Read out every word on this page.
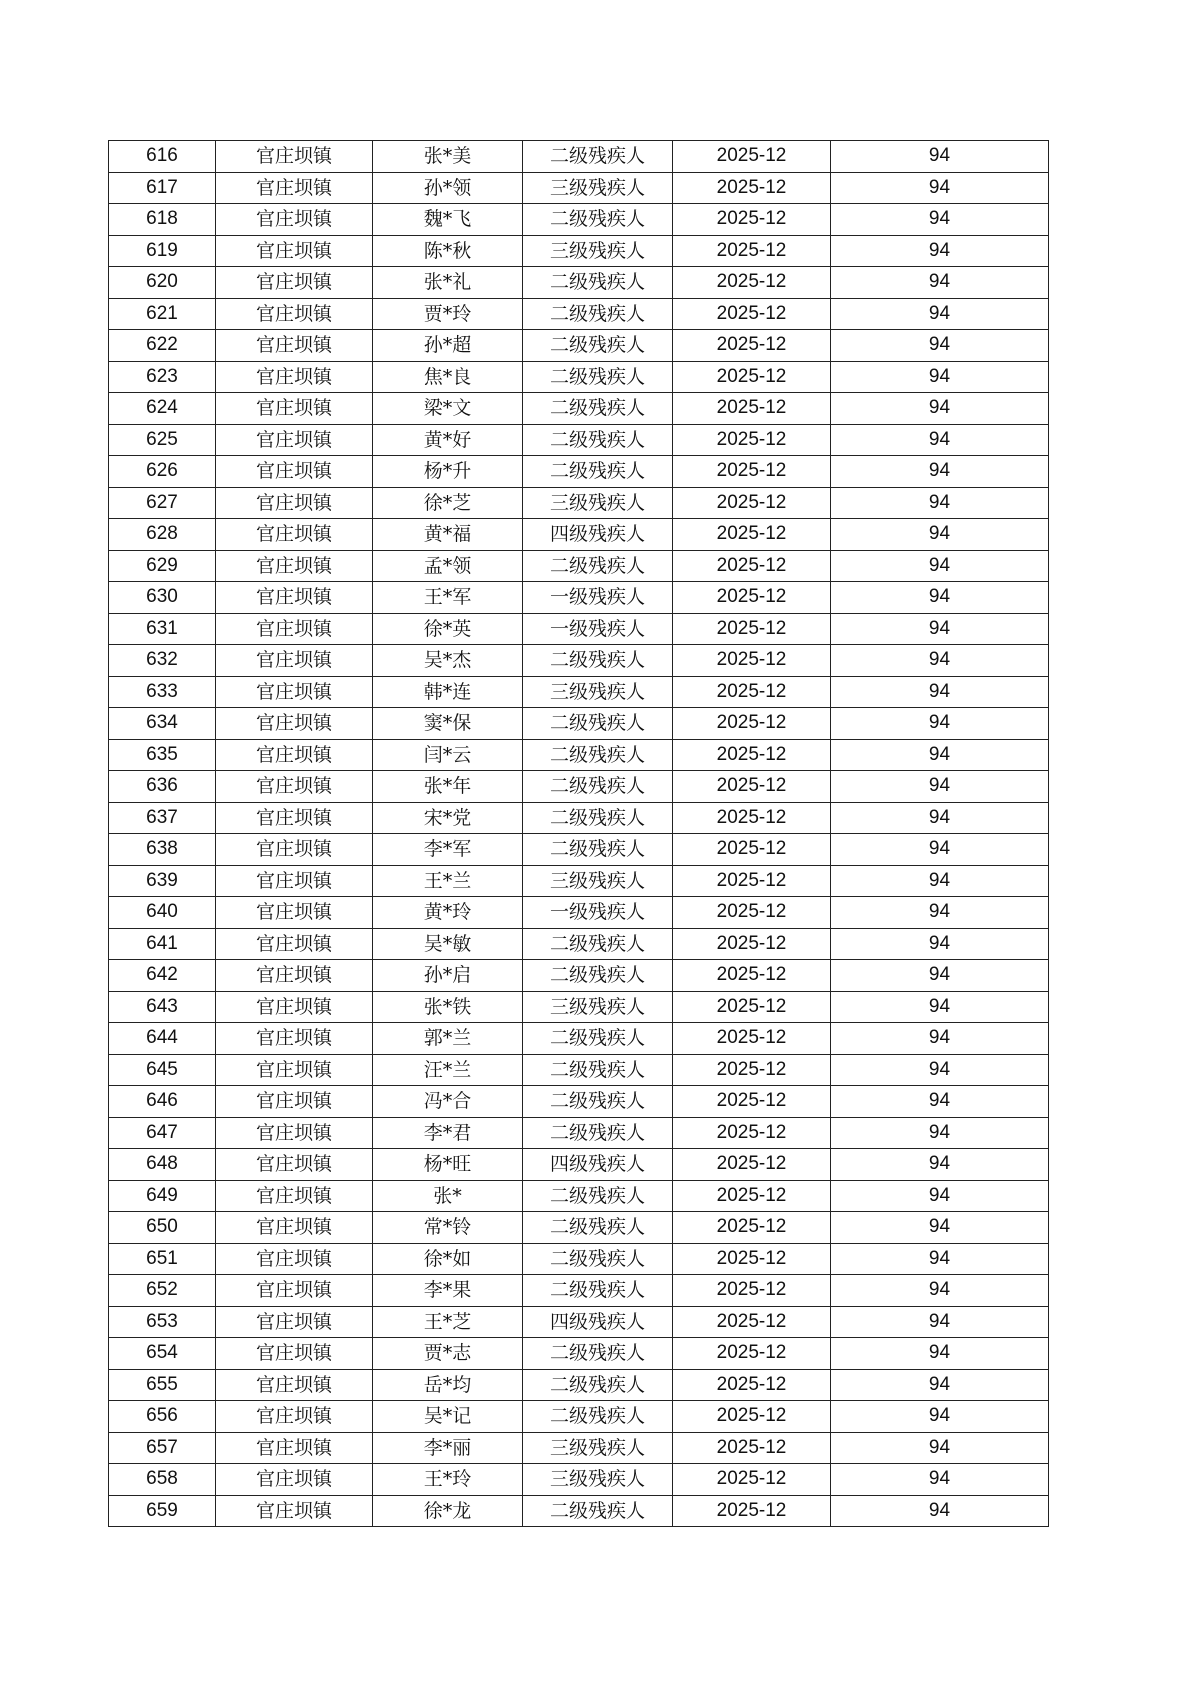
616	官庄坝镇	张*美	二级残疾人	2025-12	94
617	官庄坝镇	孙*领	三级残疾人	2025-12	94
618	官庄坝镇	魏*飞	二级残疾人	2025-12	94
619	官庄坝镇	陈*秋	三级残疾人	2025-12	94
620	官庄坝镇	张*礼	二级残疾人	2025-12	94
621	官庄坝镇	贾*玲	二级残疾人	2025-12	94
622	官庄坝镇	孙*超	二级残疾人	2025-12	94
623	官庄坝镇	焦*良	二级残疾人	2025-12	94
624	官庄坝镇	梁*文	二级残疾人	2025-12	94
625	官庄坝镇	黄*好	二级残疾人	2025-12	94
626	官庄坝镇	杨*升	二级残疾人	2025-12	94
627	官庄坝镇	徐*芝	三级残疾人	2025-12	94
628	官庄坝镇	黄*福	四级残疾人	2025-12	94
629	官庄坝镇	孟*领	二级残疾人	2025-12	94
630	官庄坝镇	王*军	一级残疾人	2025-12	94
631	官庄坝镇	徐*英	一级残疾人	2025-12	94
632	官庄坝镇	吴*杰	二级残疾人	2025-12	94
633	官庄坝镇	韩*连	三级残疾人	2025-12	94
634	官庄坝镇	窦*保	二级残疾人	2025-12	94
635	官庄坝镇	闫*云	二级残疾人	2025-12	94
636	官庄坝镇	张*年	二级残疾人	2025-12	94
637	官庄坝镇	宋*党	二级残疾人	2025-12	94
638	官庄坝镇	李*军	二级残疾人	2025-12	94
639	官庄坝镇	王*兰	三级残疾人	2025-12	94
640	官庄坝镇	黄*玲	一级残疾人	2025-12	94
641	官庄坝镇	吴*敏	二级残疾人	2025-12	94
642	官庄坝镇	孙*启	二级残疾人	2025-12	94
643	官庄坝镇	张*铁	三级残疾人	2025-12	94
644	官庄坝镇	郭*兰	二级残疾人	2025-12	94
645	官庄坝镇	汪*兰	二级残疾人	2025-12	94
646	官庄坝镇	冯*合	二级残疾人	2025-12	94
647	官庄坝镇	李*君	二级残疾人	2025-12	94
648	官庄坝镇	杨*旺	四级残疾人	2025-12	94
649	官庄坝镇	张*	二级残疾人	2025-12	94
650	官庄坝镇	常*铃	二级残疾人	2025-12	94
651	官庄坝镇	徐*如	二级残疾人	2025-12	94
652	官庄坝镇	李*果	二级残疾人	2025-12	94
653	官庄坝镇	王*芝	四级残疾人	2025-12	94
654	官庄坝镇	贾*志	二级残疾人	2025-12	94
655	官庄坝镇	岳*均	二级残疾人	2025-12	94
656	官庄坝镇	吴*记	二级残疾人	2025-12	94
657	官庄坝镇	李*丽	三级残疾人	2025-12	94
658	官庄坝镇	王*玲	三级残疾人	2025-12	94
659	官庄坝镇	徐*龙	二级残疾人	2025-12	94
